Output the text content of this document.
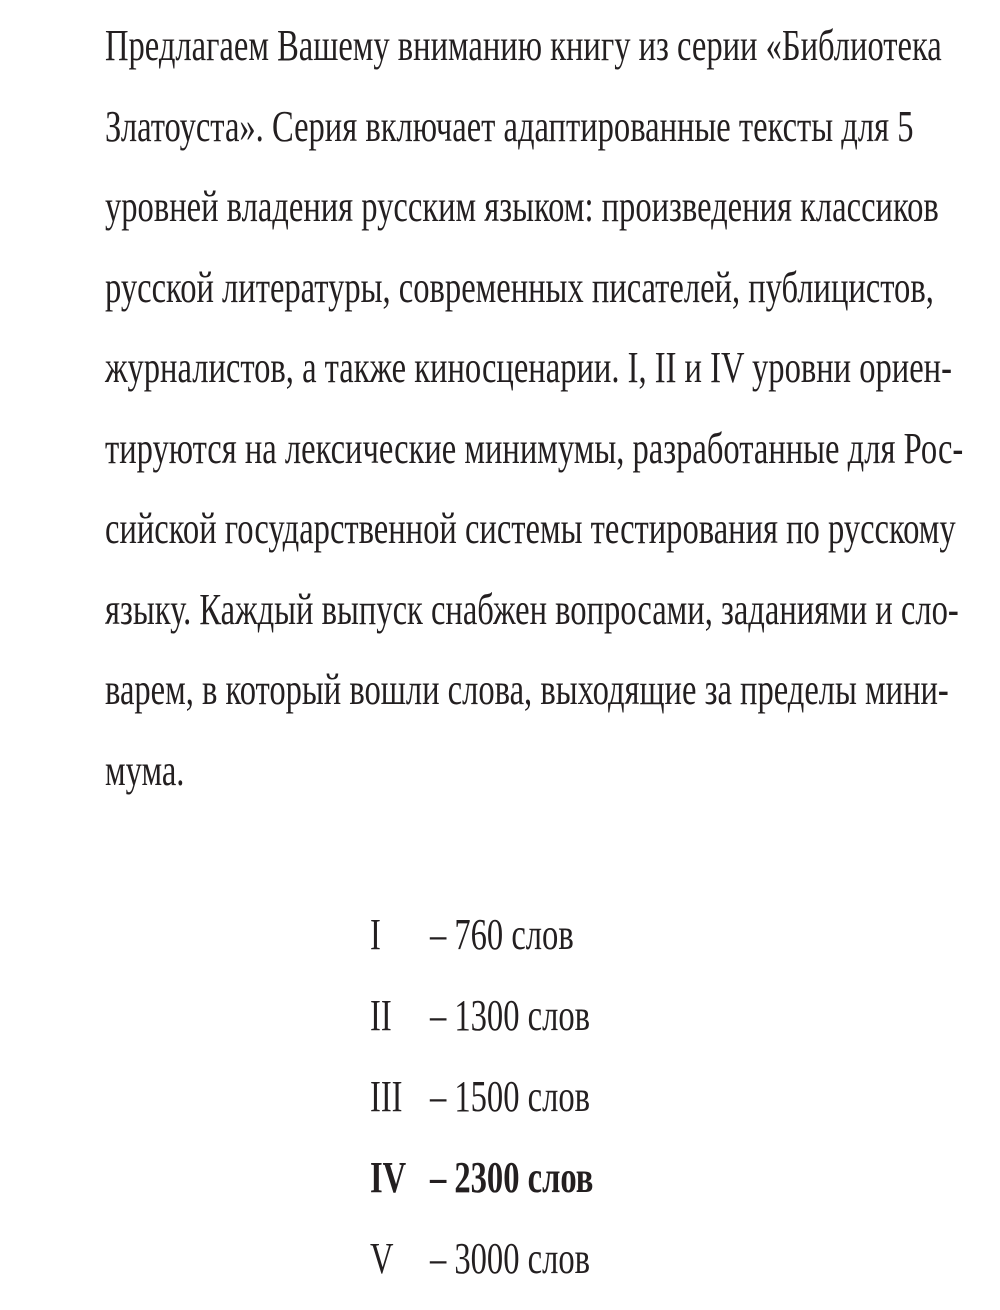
Предлагаем Вашему вниманию книгу из серии «Библиотека
Златоуста». Серия включает адаптированные тексты для 5
уровней владения русским языком: произведения классиков
русской литературы, современных писателей, публицистов,
журналистов, а также киносценарии. I, II и IV уровни ориен-
тируются на лексические минимумы, разработанные для Рос-
сийской государственной системы тестирования по русскому
языку. Каждый выпуск снабжен вопросами, заданиями и сло-
варем, в который вошли слова, выходящие за пределы мини-
мума.
I – 760 слов
II – 1300 слов
III – 1500 слов
IV – 2300 слов
V – 3000 слов
